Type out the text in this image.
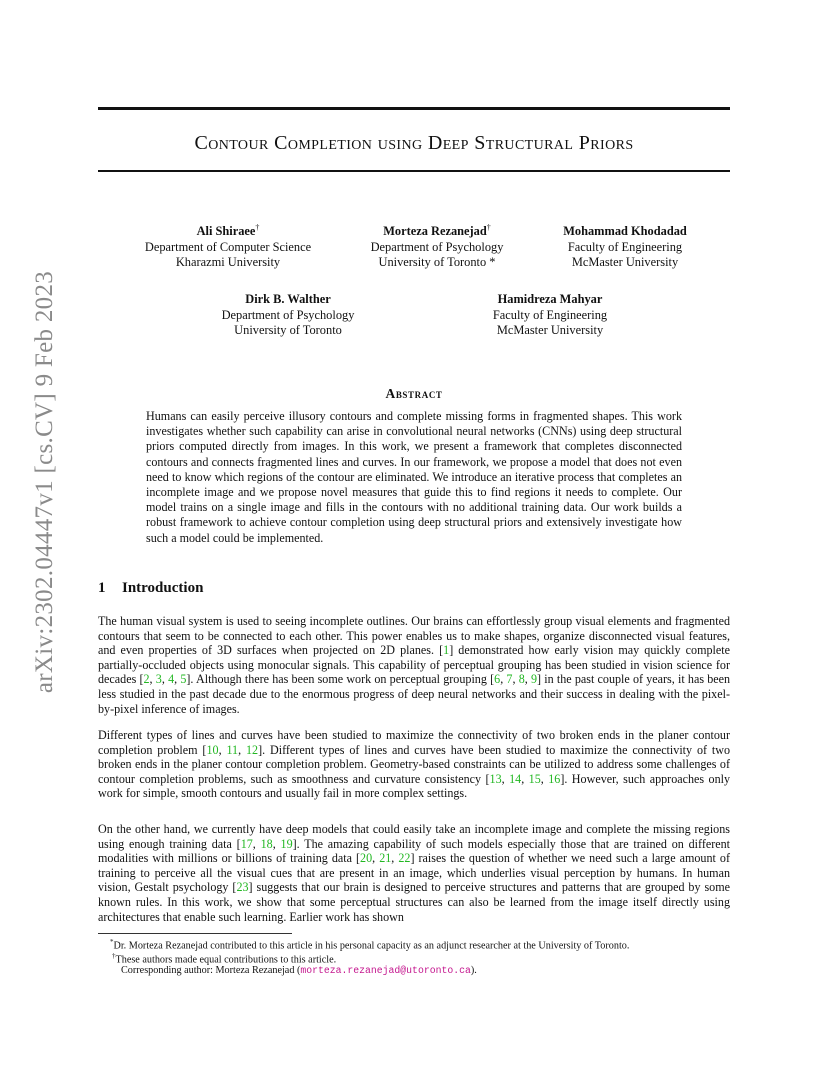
arXiv:2302.04447v1 [cs.CV] 9 Feb 2023
Contour Completion using Deep Structural Priors
Ali Shiraee†
Department of Computer Science
Kharazmi University
Morteza Rezanejad†
Department of Psychology
University of Toronto *
Mohammad Khodadad
Faculty of Engineering
McMaster University
Dirk B. Walther
Department of Psychology
University of Toronto
Hamidreza Mahyar
Faculty of Engineering
McMaster University
Abstract

Humans can easily perceive illusory contours and complete missing forms in fragmented shapes. This work investigates whether such capability can arise in convolutional neural networks (CNNs) using deep structural priors computed directly from images. In this work, we present a framework that completes disconnected contours and connects fragmented lines and curves. In our framework, we propose a model that does not even need to know which regions of the contour are eliminated. We introduce an iterative process that completes an incomplete image and we propose novel measures that guide this to find regions it needs to complete. Our model trains on a single image and fills in the contours with no additional training data. Our work builds a robust framework to achieve contour completion using deep structural priors and extensively investigate how such a model could be implemented.

1 Introduction

The human visual system is used to seeing incomplete outlines. Our brains can effortlessly group visual elements and fragmented contours that seem to be connected to each other. This power enables us to make shapes, organize disconnected visual features, and even properties of 3D surfaces when projected on 2D planes. [1] demonstrated how early vision may quickly complete partially-occluded objects using monocular signals. This capability of perceptual grouping has been studied in vision science for decades [2, 3, 4, 5]. Although there has been some work on perceptual grouping [6, 7, 8, 9] in the past couple of years, it has been less studied in the past decade due to the enormous progress of deep neural networks and their success in dealing with the pixel-by-pixel inference of images.

Different types of lines and curves have been studied to maximize the connectivity of two broken ends in the planer contour completion problem [10, 11, 12]. Different types of lines and curves have been studied to maximize the connectivity of two broken ends in the planer contour completion problem. Geometry-based constraints can be utilized to address some challenges of contour completion problems, such as smoothness and curvature consistency [13, 14, 15, 16]. However, such approaches only work for simple, smooth contours and usually fail in more complex settings.

On the other hand, we currently have deep models that could easily take an incomplete image and complete the missing regions using enough training data [17, 18, 19]. The amazing capability of such models especially those that are trained on different modalities with millions or billions of training data [20, 21, 22] raises the question of whether we need such a large amount of training to perceive all the visual cues that are present in an image, which underlies visual perception by humans. In human vision, Gestalt psychology [23] suggests that our brain is designed to perceive structures and patterns that are grouped by some known rules. In this work, we show that some perceptual structures can also be learned from the image itself directly using architectures that enable such learning. Earlier work has shown

*Dr. Morteza Rezanejad contributed to this article in his personal capacity as an adjunct researcher at the University of Toronto.

†These authors made equal contributions to this article.

Corresponding author: Morteza Rezanejad (morteza.rezanejad@utoronto.ca).
